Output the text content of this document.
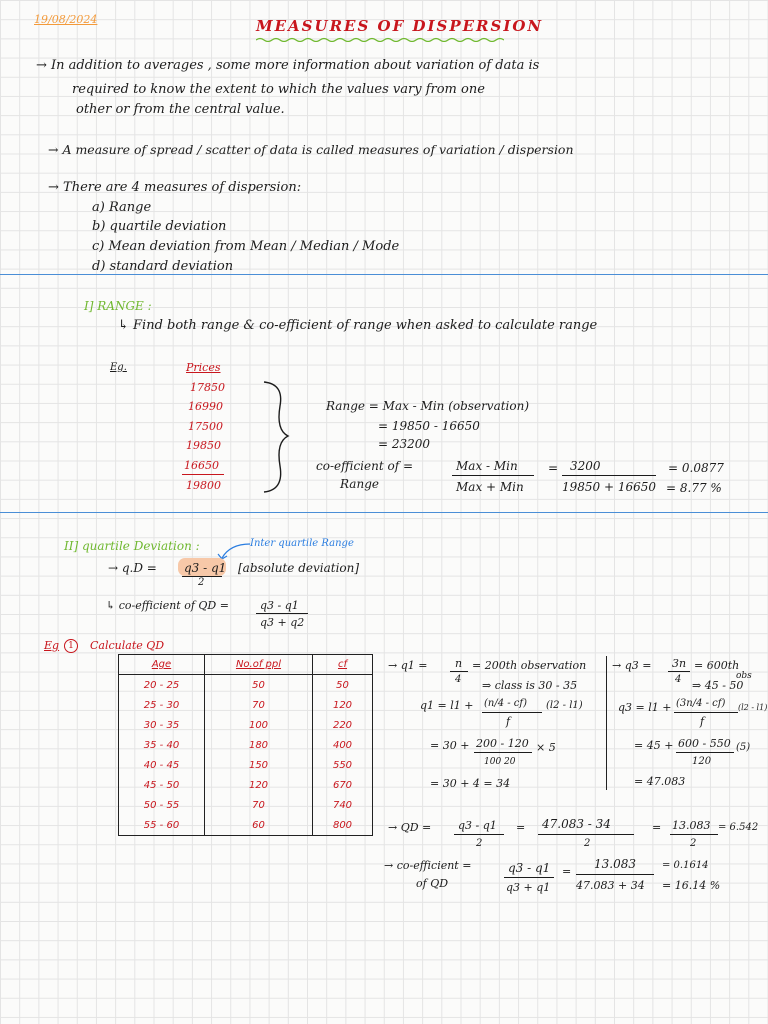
19/08/2024	MEASURES OF DISPERSION
→ In addition to averages , some more information about variation of data is
required to know the extent to which the values vary from one
other or from the central value.
→ A measure of spread / scatter of data is called measures of variation / dispersion
→ There are 4 measures of dispersion:
a) Range
b) quartile deviation
c) Mean deviation from Mean / Median / Mode
d) standard deviation
I] RANGE :
↳ Find both range & co-efficient of range when asked to calculate range
Eg.	Prices
17850
16990
17500
19850
16650
19800
Range = Max - Min (observation)
= 19850 - 16650
= 23200
co-efficient of =
Range
Max - Min
Max + Min
= 3200
19850 + 16650
= 0.0877
= 8.77 %
II] quartile Deviation :	Inter quartile Range
→ q.D = q3 - q1
2
[absolute deviation]
↳ co-efficient of QD =	q3 - q1
q3 + q2
Eg	1	Calculate QD
Age	No.of ppl	cf
20 - 25	50	50
25 - 30	70	120
30 - 35	100	220
35 - 40	180	400
40 - 45	150	550
45 - 50	120	670
50 - 55	70	740
55 - 60	60	800
→ q1 =	n
4
= 200th observation
⇒ class is 30 - 35
q1 = l1 + (n/4 - cf)
f
(l2 - l1)
= 30 + 200 - 120
100 20
× 5
= 30 + 4 = 34
→ q3 = 3n
4
= 600th
obs
⇒ 45 - 50
q3 = l1 + (3n/4 - cf)
f
(l2 - l1)
= 45 + 600 - 550
120
(5)
= 47.083
→ QD = q3 - q1
2
= 47.083 - 34
2
= 13.083
2
= 6.542
→ co-efficient =
of QD
q3 - q1
q3 + q1
=
13.083
47.083 + 34
= 0.1614
= 16.14 %
